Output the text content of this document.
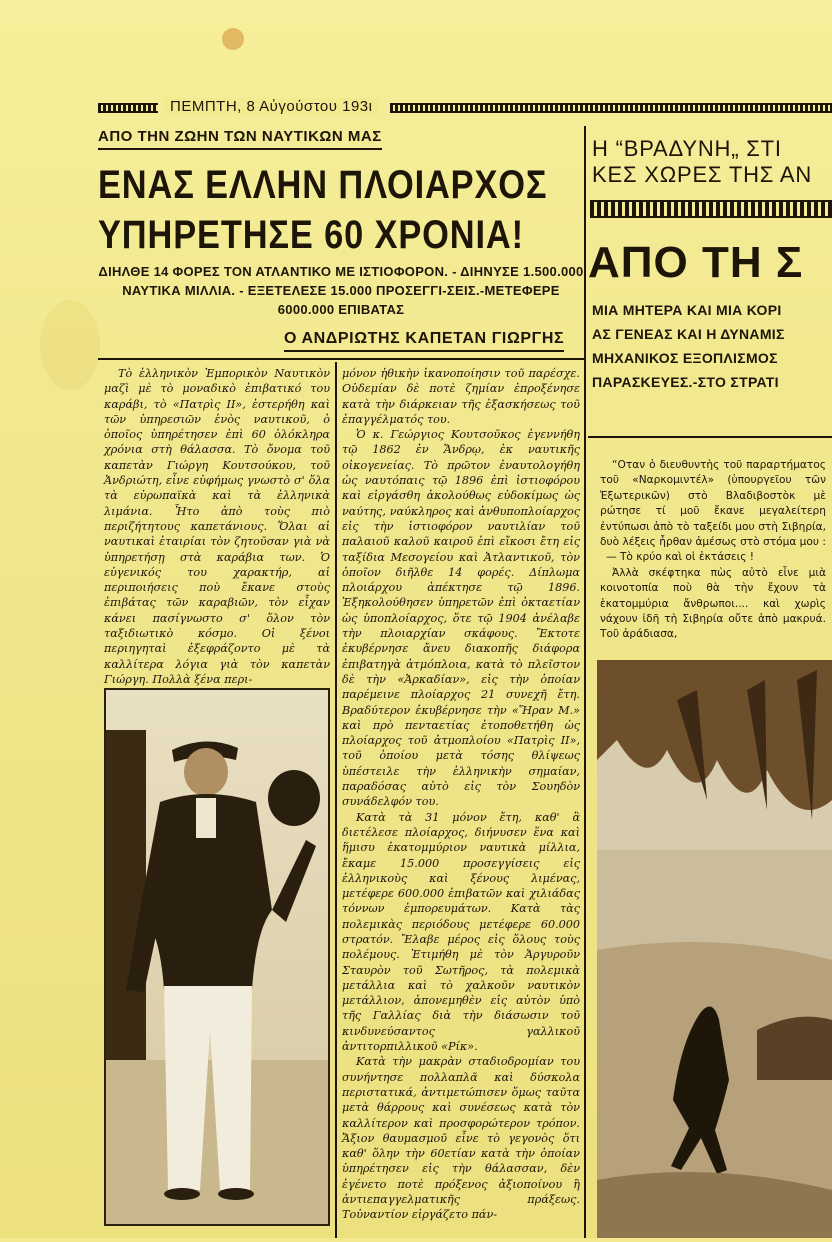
ΠΕΜΠΤΗ, 8 Αὐγούστου 193ι
ΑΠΟ ΤΗΝ ΖΩΗΝ ΤΩΝ ΝΑΥΤΙΚΩΝ ΜΑΣ
ΕΝΑΣ ΕΛΛΗΝ ΠΛΟΙΑΡΧΟΣ
ΥΠΗΡΕΤΗΣΕ 60 ΧΡΟΝΙΑ!
ΔΙΗΛΘΕ 14 ΦΟΡΕΣ ΤΟΝ ΑΤΛΑΝΤΙΚΟ ΜΕ ΙΣΤΙΟΦΟΡΟΝ. - ΔΙΗΝΥΣΕ 1.500.000 ΝΑΥΤΙΚΑ ΜΙΛΛΙΑ. - ΕΞΕΤΕΛΕΣΕ 15.000 ΠΡΟΣΕΓΓΙ-ΣΕΙΣ.-ΜΕΤΕΦΕΡΕ 6000.000 ΕΠΙΒΑΤΑΣ
Ο ΑΝΔΡΙΩΤΗΣ ΚΑΠΕΤΑΝ ΓΙΩΡΓΗΣ

Τὸ ἑλληνικὸν Ἐμπορικὸν Ναυτικὸν μαζὶ μὲ τὸ μοναδικὸ ἐπιβατικό του καράβι, τὸ «Πατρὶς ΙΙ», ἑστερήθη καὶ τῶν ὑπηρεσιῶν ἑνὸς ναυτικοῦ, ὁ ὁποῖος ὑπηρέτησεν ἐπὶ 60 ὁλόκληρα χρόνια στὴ θάλασσα. Τὸ ὄνομα τοῦ καπετὰν Γιώργη Κουτσούκου, τοῦ Ἀνδριώτη, εἶνε εὐφήμως γνωστὸ σ' ὅλα τὰ εὐρωπαϊκὰ καὶ τὰ ἑλληνικὰ λιμάνια. Ἦτο ἀπὸ τοὺς πιὸ περιζήτητους καπετάνιους. Ὅλαι αἱ ναυτικαὶ ἑταιρίαι τὸν ζητοῦσαν γιὰ νὰ ὑπηρετήσῃ στὰ καράβια των. Ὁ εὐγενικός του χαρακτήρ, αἱ περιποιήσεις ποὺ ἔκανε στοὺς ἐπιβάτας τῶν καραβιῶν, τὸν εἶχαν κάνει πασίγνωστο σ' ὅλον τὸν ταξιδιωτικὸ κόσμο. Οἱ ξένοι περιηγηταὶ ἐξεφράζοντο μὲ τὰ καλλίτερα λόγια γιὰ τὸν καπετὰν Γιώργη. Πολλὰ ξένα περι-

μόνον ἠθικὴν ἱκανοποίησιν τοῦ παρέσχε. Οὐδεμίαν δὲ ποτὲ ζημίαν ἐπροξένησε κατὰ τὴν διάρκειαν τῆς ἐξασκήσεως τοῦ ἐπαγγέλματός του.

Ὁ κ. Γεώργιος Κουτσοῦκος ἐγεννήθη τῷ 1862 ἐν Ἄνδρῳ, ἐκ ναυτικῆς οἰκογενείας. Τὸ πρῶτον ἐναυτολογήθη ὡς ναυτόπαις τῷ 1896 ἐπὶ ἱστιοφόρου καὶ εἰργάσθη ἀκολούθως εὐδοκίμως ὡς ναύτης, ναύκληρος καὶ ἀνθυποπλοίαρχος εἰς τὴν ἱστιοφόρον ναυτιλίαν τοῦ παλαιοῦ καλοῦ καιροῦ ἐπὶ εἴκοσι ἔτη εἰς ταξίδια Μεσογείου καὶ Ἀτλαντικοῦ, τὸν ὁποῖον διῆλθε 14 φορές. Δίπλωμα πλοιάρχου ἀπέκτησε τῷ 1896. Ἐξηκολούθησεν ὑπηρετῶν ἐπὶ ὀκταετίαν ὡς ὑποπλοίαρχος, ὅτε τῷ 1904 ἀνέλαβε τὴν πλοιαρχίαν σκάφους. Ἔκτοτε ἐκυβέρνησε ἄνευ διακοπῆς διάφορα ἐπιβατηγὰ ἀτμόπλοια, κατὰ τὸ πλεῖστον δὲ τὴν «Ἀρκαδίαν», εἰς τὴν ὁποίαν παρέμεινε πλοίαρχος 21 συνεχῆ ἔτη. Βραδύτερον ἐκυβέρνησε τὴν «Ἥραν Μ.» καὶ πρὸ πενταετίας ἐτοποθετήθη ὡς πλοίαρχος τοῦ ἀτμοπλοίου «Πατρὶς ΙΙ», τοῦ ὁποίου μετὰ τόσης θλίψεως ὑπέστειλε τὴν ἑλληνικὴν σημαίαν, παραδόσας αὐτὸ εἰς τὸν Σουηδὸν συνάδελφόν του.

Κατὰ τὰ 31 μόνον ἔτη, καθ' ἃ διετέλεσε πλοίαρχος, διήνυσεν ἕνα καὶ ἥμισυ ἑκατομμύριον ναυτικὰ μίλλια, ἔκαμε 15.000 προσεγγίσεις εἰς ἑλληνικοὺς καὶ ξένους λιμένας, μετέφερε 600.000 ἐπιβατῶν καὶ χιλιάδας τόννων ἐμπορευμάτων. Κατὰ τὰς πολεμικὰς περιόδους μετέφερε 60.000 στρατόν. Ἔλαβε μέρος εἰς ὅλους τοὺς πολέμους. Ἐτιμήθη μὲ τὸν Ἀργυροῦν Σταυρὸν τοῦ Σωτῆρος, τὰ πολεμικὰ μετάλλια καὶ τὸ χαλκοῦν ναυτικὸν μετάλλιον, ἀπονεμηθὲν εἰς αὐτὸν ὑπὸ τῆς Γαλλίας διὰ τὴν διάσωσιν τοῦ κινδυνεύσαντος γαλλικοῦ ἀντιτορπιλλικοῦ «Ρίκ».

Κατὰ τὴν μακρὰν σταδιοδρομίαν του συνήντησε πολλαπλᾶ καὶ δύσκολα περιστατικά, ἀντιμετώπισεν ὅμως ταῦτα μετὰ θάρρους καὶ συνέσεως κατὰ τὸν καλλίτερον καὶ προσφορώτερον τρόπον. Ἄξιον θαυμασμοῦ εἶνε τὸ γεγονὸς ὅτι καθ' ὅλην τὴν 60ετίαν κατὰ τὴν ὁποίαν ὑπηρέτησεν εἰς τὴν θάλασσαν, δὲν ἐγένετο ποτὲ πρόξενος ἀξιοποίνου ἢ ἀντιεπαγγελματικῆς πράξεως. Τοὐναντίον εἰργάζετο πάν-

Η “ΒΡΑΔΥΝΗ„ ΣΤΙ
ΚΕΣ ΧΩΡΕΣ ΤΗΣ ΑΝ
ΑΠΟ ΤΗ Σ
ΜΙΑ ΜΗΤΕΡΑ ΚΑΙ ΜΙΑ ΚΟΡΙ
ΑΣ ΓΕΝΕΑΣ ΚΑΙ Η ΔΥΝΑΜΙΣ
ΜΗΧΑΝΙΚΟΣ ΕΞΟΠΛΙΣΜΟΣ
ΠΑΡΑΣΚΕΥΕΣ.-ΣΤΟ ΣΤΡΑΤΙ

“Οταν ὁ διευθυντὴς τοῦ παραρτήματος τοῦ «Ναρκομιντέλ» (ὑπουργεῖου τῶν Ἐξωτερικῶν) στὸ Βλαδιβοστὸκ μὲ ρώτησε τί μοῦ ἔκανε μεγαλείτερη ἐντύπωσι ἀπὸ τὸ ταξείδι μου στὴ Σιβηρία, δυὸ λέξεις ἦρθαν ἀμέσως στὸ στόμα μου :

— Τὸ κρύο καὶ οἱ ἐκτάσεις !

Ἀλλὰ σκέφτηκα πὼς αὐτὸ εἶνε μιὰ κοινοτοπία ποὺ θὰ τὴν ἔχουν τὰ ἑκατομμύρια ἄνθρωποι.... καὶ χωρὶς νάχουν ἰδῆ τὴ Σιβηρία οὔτε ἀπὸ μακρυά. Τοῦ ἀράδιασα,
